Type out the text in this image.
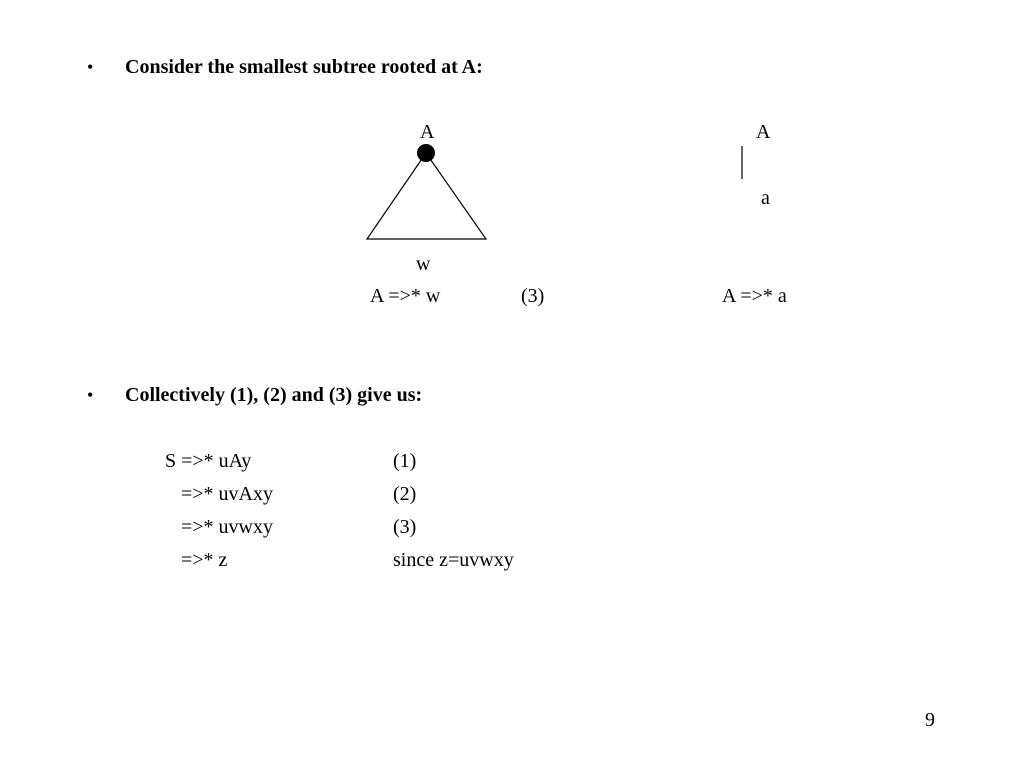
• Consider the smallest subtree rooted at A:
A
w
A =>* w	(3)
A
a
A =>* a
• Collectively (1), (2) and (3) give us:
S =>* uAy	(1)
=>* uvAxy	(2)
=>* uvwxy	(3)
=>* z	since z=uvwxy
9
